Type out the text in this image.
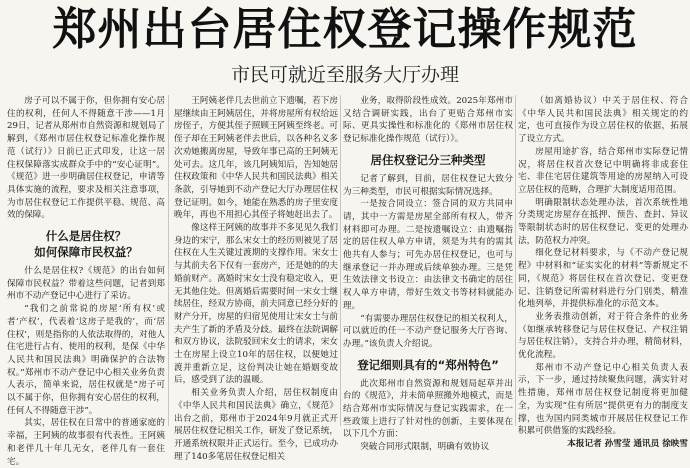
郑州出台居住权登记操作规范
市民可就近至服务大厅办理

房子可以不属于你，但你拥有安心居住的权利，任何人不得随意干涉——1月29日，记者从郑州市自然资源和规划局了解到，《郑州市居住权登记标准化操作规范（试行）》日前已正式印发，让这一居住权保障落实成群众手中的“安心证明”。《规范》进一步明确居住权登记，申请等具体实施的流程，要求及相关注意事项，为市居住权登记工作提供平稳、规范、高效的保障。

什么是居住权？
如何保障市民权益？

什么是居住权?《规范》的出台如何保障市民权益？带着这些问题，记者到郑州市不动产登记中心进行了采访。

“我们之前常说的房屋‘所有权’或者‘产权’，代表着‘这房子是我的’，而‘居住权’，则是指你的人依法取得的，对他人住宅进行占有、使用的权利，是保《中华人民共和国民法典》明确保护的合法物权。”郑州市不动产登记中心相关业务负责人表示，简单来说，居住权就是“房子可以不属于你，但你拥有安心居住的权利，任何人不得随意干涉”。

其实，居住权在日常中的普通家庭的幸福，王阿姨的故事很有代表性。王阿姨和老伴几十年几无女，老伴几有一套住宅。

王阿姨老伴几去世前立下遗嘱，若下房屋继续由王阿姨居住，并将房屋所有权给远房侄子，方便其侄子照顾王阿姨至终老。可侄子却在王阿姨老伴去世后，以各种名义多次劝她搬离房屋，导致年事已高的王阿姨无处可去。这几年，该几阿姨知后，告知她居住权政策和《中华人民共和国民法典》相关条款，引导她到不动产登记大厅办理居住权登记证明。如今，她能在熟悉的房子里安度晚年，再也不用担心其侄子将她赶出去了。

像这样王阿姨的故事并不多见见久我们身边的宋宁，那么宋女士的经历则被见了居住权在人生关键过渡期的支撑作用。宋女士与其前夫名下仅有一套房产，还是她的的夫婚前财产。离婚时宋女士没有稳定收入，更无其他住处。但离婚后需要时间一宋女士继续居住，经双方协商，前夫同意已经分好的财产分开，房屋的归宿见使用让宋女士与前夫产生了新的矛盾及分歧。最终在法院调解和双方协议，法院驳回宋女士的请求，宋女士在房屋上设立10年的居住权，以便她过渡并重新立足，这份判决让她在婚姻变故后，感受到了法的温暖。

相关业务负责人介绍，居住权制度由《中华人民共和国民法典》确立，《规范》出台之前，郑州市于2024年9月就正式开展居住权登记相关工作，研发了登记系统，开通系统权限并正式运行。至今，已成功办理了140多笔居住权登记相关

业务，取得阶段性成效。2025年郑州市又结合调研实践，出台了更贴合郑州市实际、更具实操性和标准化的《郑州市居住权登记标准化操作规范（试行）》。

居住权登记分三种类型

记者了解到，目前，居住权登记大致分为三种类型，市民可根据实际情况选择。

一是按合同设立：签合同的双方共同申请，其中一方需是房屋全部所有权人，带齐材料即可办理。二是按遗嘱设立：由遗嘱指定的居住权人单方申请，须是为共有的需其他共有人参与；可先办居住权登记，也可与继承登记一并办理或后续单独办理。三是凭生效法律文书设立：由法律文书确定的居住权人单方申请，带好生效文书等材料就能办理。

“有需要办理居住权登记的相关权利人，可以就近的任一不动产登记服务大厅咨询、办理。”该负责人介绍说。

登记细则具有的“郑州特色”

此次郑州市自然资源和规划局起草并出台的《规范》，并未简单照搬外地模式，而是结合郑州市实际情况与登记实践需求，在一些政策上进行了针对性的创新，主要体现在以下几个方面：

突破合同形式限制，明确有效协议

（如离婚协议）中关于居住权、符合《中华人民共和国民法典》相关规定的约定，也可直接作为设立居住权的依据，拓展了设立方式。

房屋用途扩容，结合郑州市实际登记情况，将居住权首次登记中明确将非成套住宅、非住宅居住建筑等用途的房屋纳入可设立居住权的范畴，合理扩大制度适用范围。

明确限制状态处理办法，首次系统性地分类规定房屋存在抵押、预告、查封、异议等限制状态时的居住权登记、变更的处理办法，防范权力冲突。

细化登记材料要求，与《不动产登记规程》中材料和“证实实化的材料”等新规定不同，《规范》将居住权在首次登记、变更登记、注销登记所需材料进行分门别类，精准化地列举，并提供标准化的示范文本。

业务表推动创新，对于符合条件的业务（如继承转移登记与居住权登记、产权注销与居住权注销），支持合并办理，精简材料，优化流程。

郑州市不动产登记中心相关负责人表示，下一步，通过持续聚焦问题，满实针对性措施，郑州市居住权登记制度将更加健全，为实现“住有所居”提供更有力的制度支撑，也为国内同类城市开展居住权登记工作积累可供借鉴的实践经验。

本报记者 孙雪莹 通讯员 徐映雪
